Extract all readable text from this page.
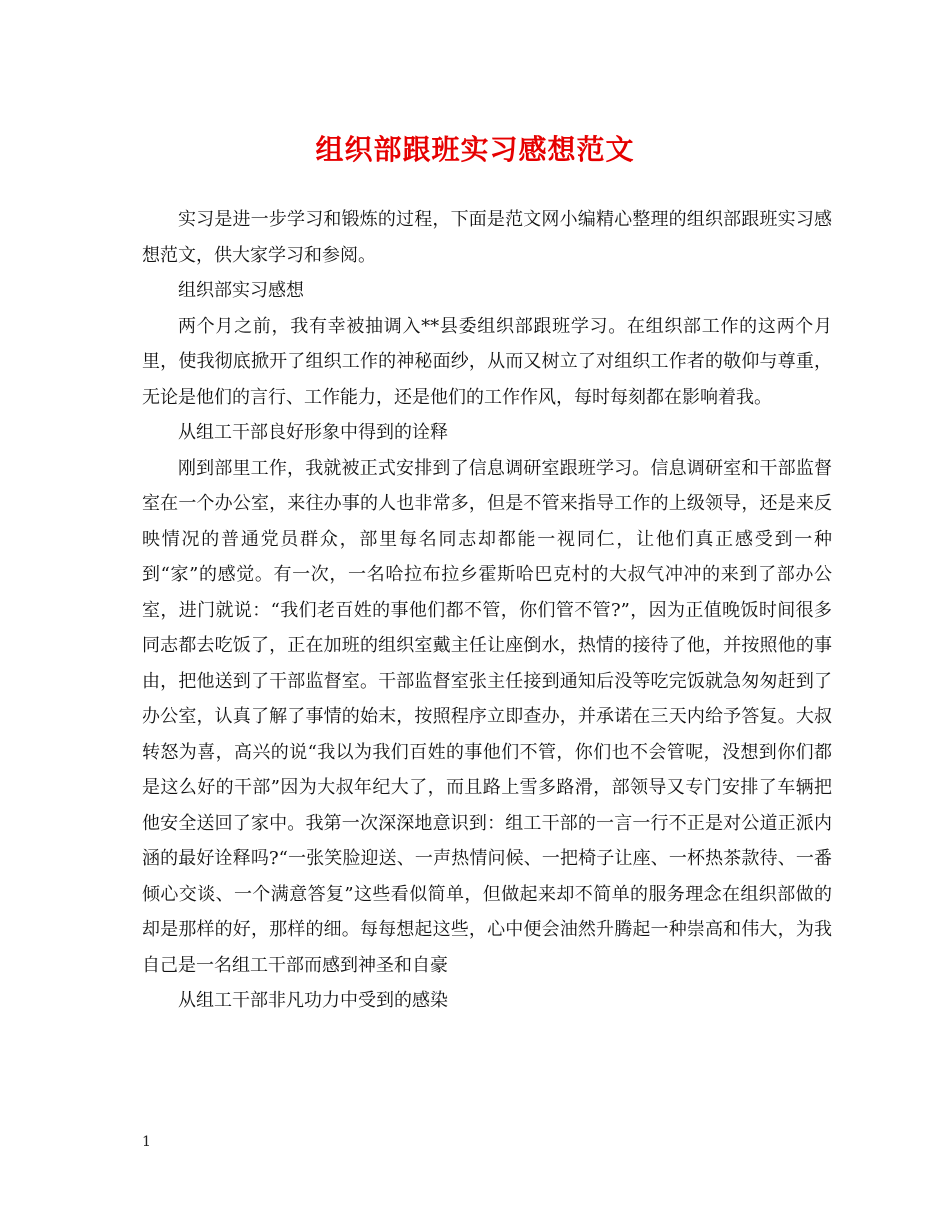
组织部跟班实习感想范文

实习是进一步学习和锻炼的过程，下面是范文网小编精心整理的组织部跟班实习感想范文，供大家学习和参阅。

组织部实习感想

两个月之前，我有幸被抽调入**县委组织部跟班学习。在组织部工作的这两个月里，使我彻底掀开了组织工作的神秘面纱，从而又树立了对组织工作者的敬仰与尊重，无论是他们的言行、工作能力，还是他们的工作作风，每时每刻都在影响着我。

从组工干部良好形象中得到的诠释

刚到部里工作，我就被正式安排到了信息调研室跟班学习。信息调研室和干部监督室在一个办公室，来往办事的人也非常多，但是不管来指导工作的上级领导，还是来反映情况的普通党员群众，部里每名同志却都能一视同仁，让他们真正感受到一种到“家”的感觉。有一次，一名哈拉布拉乡霍斯哈巴克村的大叔气冲冲的来到了部办公室，进门就说：“我们老百姓的事他们都不管，你们管不管?”，因为正值晚饭时间很多同志都去吃饭了，正在加班的组织室戴主任让座倒水，热情的接待了他，并按照他的事由，把他送到了干部监督室。干部监督室张主任接到通知后没等吃完饭就急匆匆赶到了办公室，认真了解了事情的始末，按照程序立即查办，并承诺在三天内给予答复。大叔转怒为喜，高兴的说“我以为我们百姓的事他们不管，你们也不会管呢，没想到你们都是这么好的干部”因为大叔年纪大了，而且路上雪多路滑，部领导又专门安排了车辆把他安全送回了家中。我第一次深深地意识到：组工干部的一言一行不正是对公道正派内涵的最好诠释吗?“一张笑脸迎送、一声热情问候、一把椅子让座、一杯热茶款待、一番倾心交谈、一个满意答复”这些看似简单，但做起来却不简单的服务理念在组织部做的却是那样的好，那样的细。每每想起这些，心中便会油然升腾起一种崇高和伟大，为我自己是一名组工干部而感到神圣和自豪

从组工干部非凡功力中受到的感染

1
